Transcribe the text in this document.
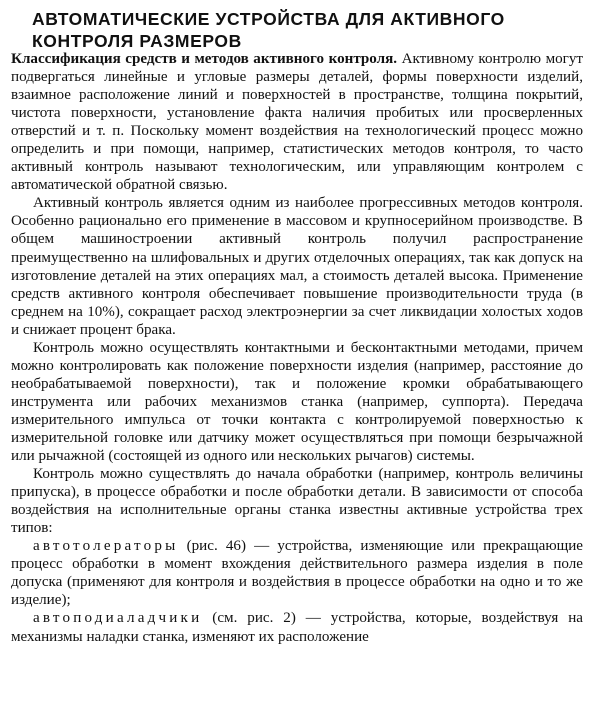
АВТОМАТИЧЕСКИЕ УСТРОЙСТВА ДЛЯ АКТИВНОГО
КОНТРОЛЯ РАЗМЕРОВ

Классификация средств и методов активного контроля. Активному контролю могут подвергаться линейные и угловые размеры деталей, формы поверхности изделий, взаимное расположение линий и поверхностей в пространстве, толщина покрытий, чистота поверхности, установление факта наличия пробитых или просверленных отверстий и т. п. Поскольку момент воздействия на технологический процесс можно определить и при помощи, например, статистических методов контроля, то часто активный контроль называют технологическим, или управляющим контролем с автоматической обратной связью.

Активный контроль является одним из наиболее прогрессивных методов контроля. Особенно рационально его применение в массовом и крупносерийном производстве. В общем машиностроении активный контроль получил распространение преимущественно на шлифовальных и других отделочных операциях, так как допуск на изготовление деталей на этих операциях мал, а стоимость деталей высока. Применение средств активного контроля обеспечивает повышение производительности труда (в среднем на 10%), сокращает расход электроэнергии за счет ликвидации холостых ходов и снижает процент брака.

Контроль можно осуществлять контактными и бесконтактными методами, причем можно контролировать как положение поверхности изделия (например, расстояние до необрабатываемой поверхности), так и положение кромки обрабатывающего инструмента или рабочих механизмов станка (например, суппорта). Передача измерительного импульса от точки контакта с контролируемой поверхностью к измерительной головке или датчику может осуществляться при помощи безрычажной или рычажной (состоящей из одного или нескольких рычагов) системы.

Контроль можно существлять до начала обработки (например, контроль величины припуска), в процессе обработки и после обработки детали. В зависимости от способа воздействия на исполнительные органы станка известны активные устройства трех типов:

автотолераторы (рис. 46) — устройства, изменяющие или прекращающие процесс обработки в момент вхождения действительного размера изделия в поле допуска (применяют для контроля и воздействия в процессе обработки на одно и то же изделие);

автоподиаладчики (см. рис. 2) — устройства, которые, воздействуя на механизмы наладки станка, изменяют их расположение
